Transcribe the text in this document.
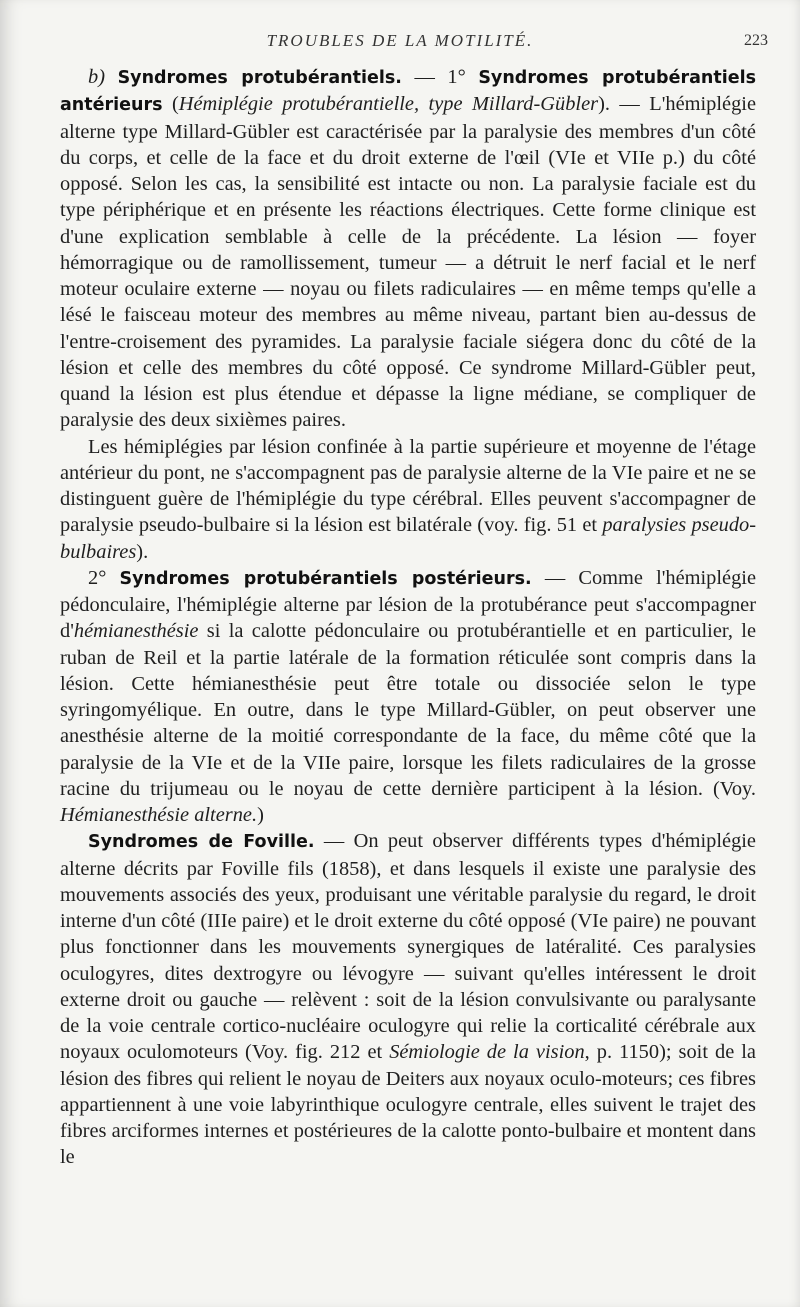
TROUBLES DE LA MOTILITÉ.	223

b) Syndromes protubérantiels. — 1° Syndromes protubérantiels antérieurs (Hémiplégie protubérantielle, type Millard-Gübler). — L'hémiplégie alterne type Millard-Gübler est caractérisée par la paralysie des membres d'un côté du corps, et celle de la face et du droit externe de l'œil (VIe et VIIe p.) du côté opposé. Selon les cas, la sensibilité est intacte ou non. La paralysie faciale est du type périphérique et en présente les réactions électriques. Cette forme clinique est d'une explication semblable à celle de la précédente. La lésion — foyer hémorragique ou de ramollissement, tumeur — a détruit le nerf facial et le nerf moteur oculaire externe — noyau ou filets radiculaires — en même temps qu'elle a lésé le faisceau moteur des membres au même niveau, partant bien au-dessus de l'entre-croisement des pyramides. La paralysie faciale siégera donc du côté de la lésion et celle des membres du côté opposé. Ce syndrome Millard-Gübler peut, quand la lésion est plus étendue et dépasse la ligne médiane, se compliquer de paralysie des deux sixièmes paires.

Les hémiplégies par lésion confinée à la partie supérieure et moyenne de l'étage antérieur du pont, ne s'accompagnent pas de paralysie alterne de la VIe paire et ne se distinguent guère de l'hémiplégie du type cérébral. Elles peuvent s'accompagner de paralysie pseudo-bulbaire si la lésion est bilatérale (voy. fig. 51 et paralysies pseudo-bulbaires).

2° Syndromes protubérantiels postérieurs. — Comme l'hémiplégie pédonculaire, l'hémiplégie alterne par lésion de la protubérance peut s'accompagner d'hémianesthésie si la calotte pédonculaire ou protubérantielle et en particulier, le ruban de Reil et la partie latérale de la formation réticulée sont compris dans la lésion. Cette hémianesthésie peut être totale ou dissociée selon le type syringomyélique. En outre, dans le type Millard-Gübler, on peut observer une anesthésie alterne de la moitié correspondante de la face, du même côté que la paralysie de la VIe et de la VIIe paire, lorsque les filets radiculaires de la grosse racine du trijumeau ou le noyau de cette dernière participent à la lésion. (Voy. Hémianesthésie alterne.)

Syndromes de Foville. — On peut observer différents types d'hémiplégie alterne décrits par Foville fils (1858), et dans lesquels il existe une paralysie des mouvements associés des yeux, produisant une véritable paralysie du regard, le droit interne d'un côté (IIIe paire) et le droit externe du côté opposé (VIe paire) ne pouvant plus fonctionner dans les mouvements synergiques de latéralité. Ces paralysies oculogyres, dites dextrogyre ou lévogyre — suivant qu'elles intéressent le droit externe droit ou gauche — relèvent : soit de la lésion convulsivante ou paralysante de la voie centrale cortico-nucléaire oculogyre qui relie la corticalité cérébrale aux noyaux oculomoteurs (Voy. fig. 212 et Sémiologie de la vision, p. 1150); soit de la lésion des fibres qui relient le noyau de Deiters aux noyaux oculo-moteurs; ces fibres appartiennent à une voie labyrinthique oculogyre centrale, elles suivent le trajet des fibres arciformes internes et postérieures de la calotte ponto-bulbaire et montent dans le
